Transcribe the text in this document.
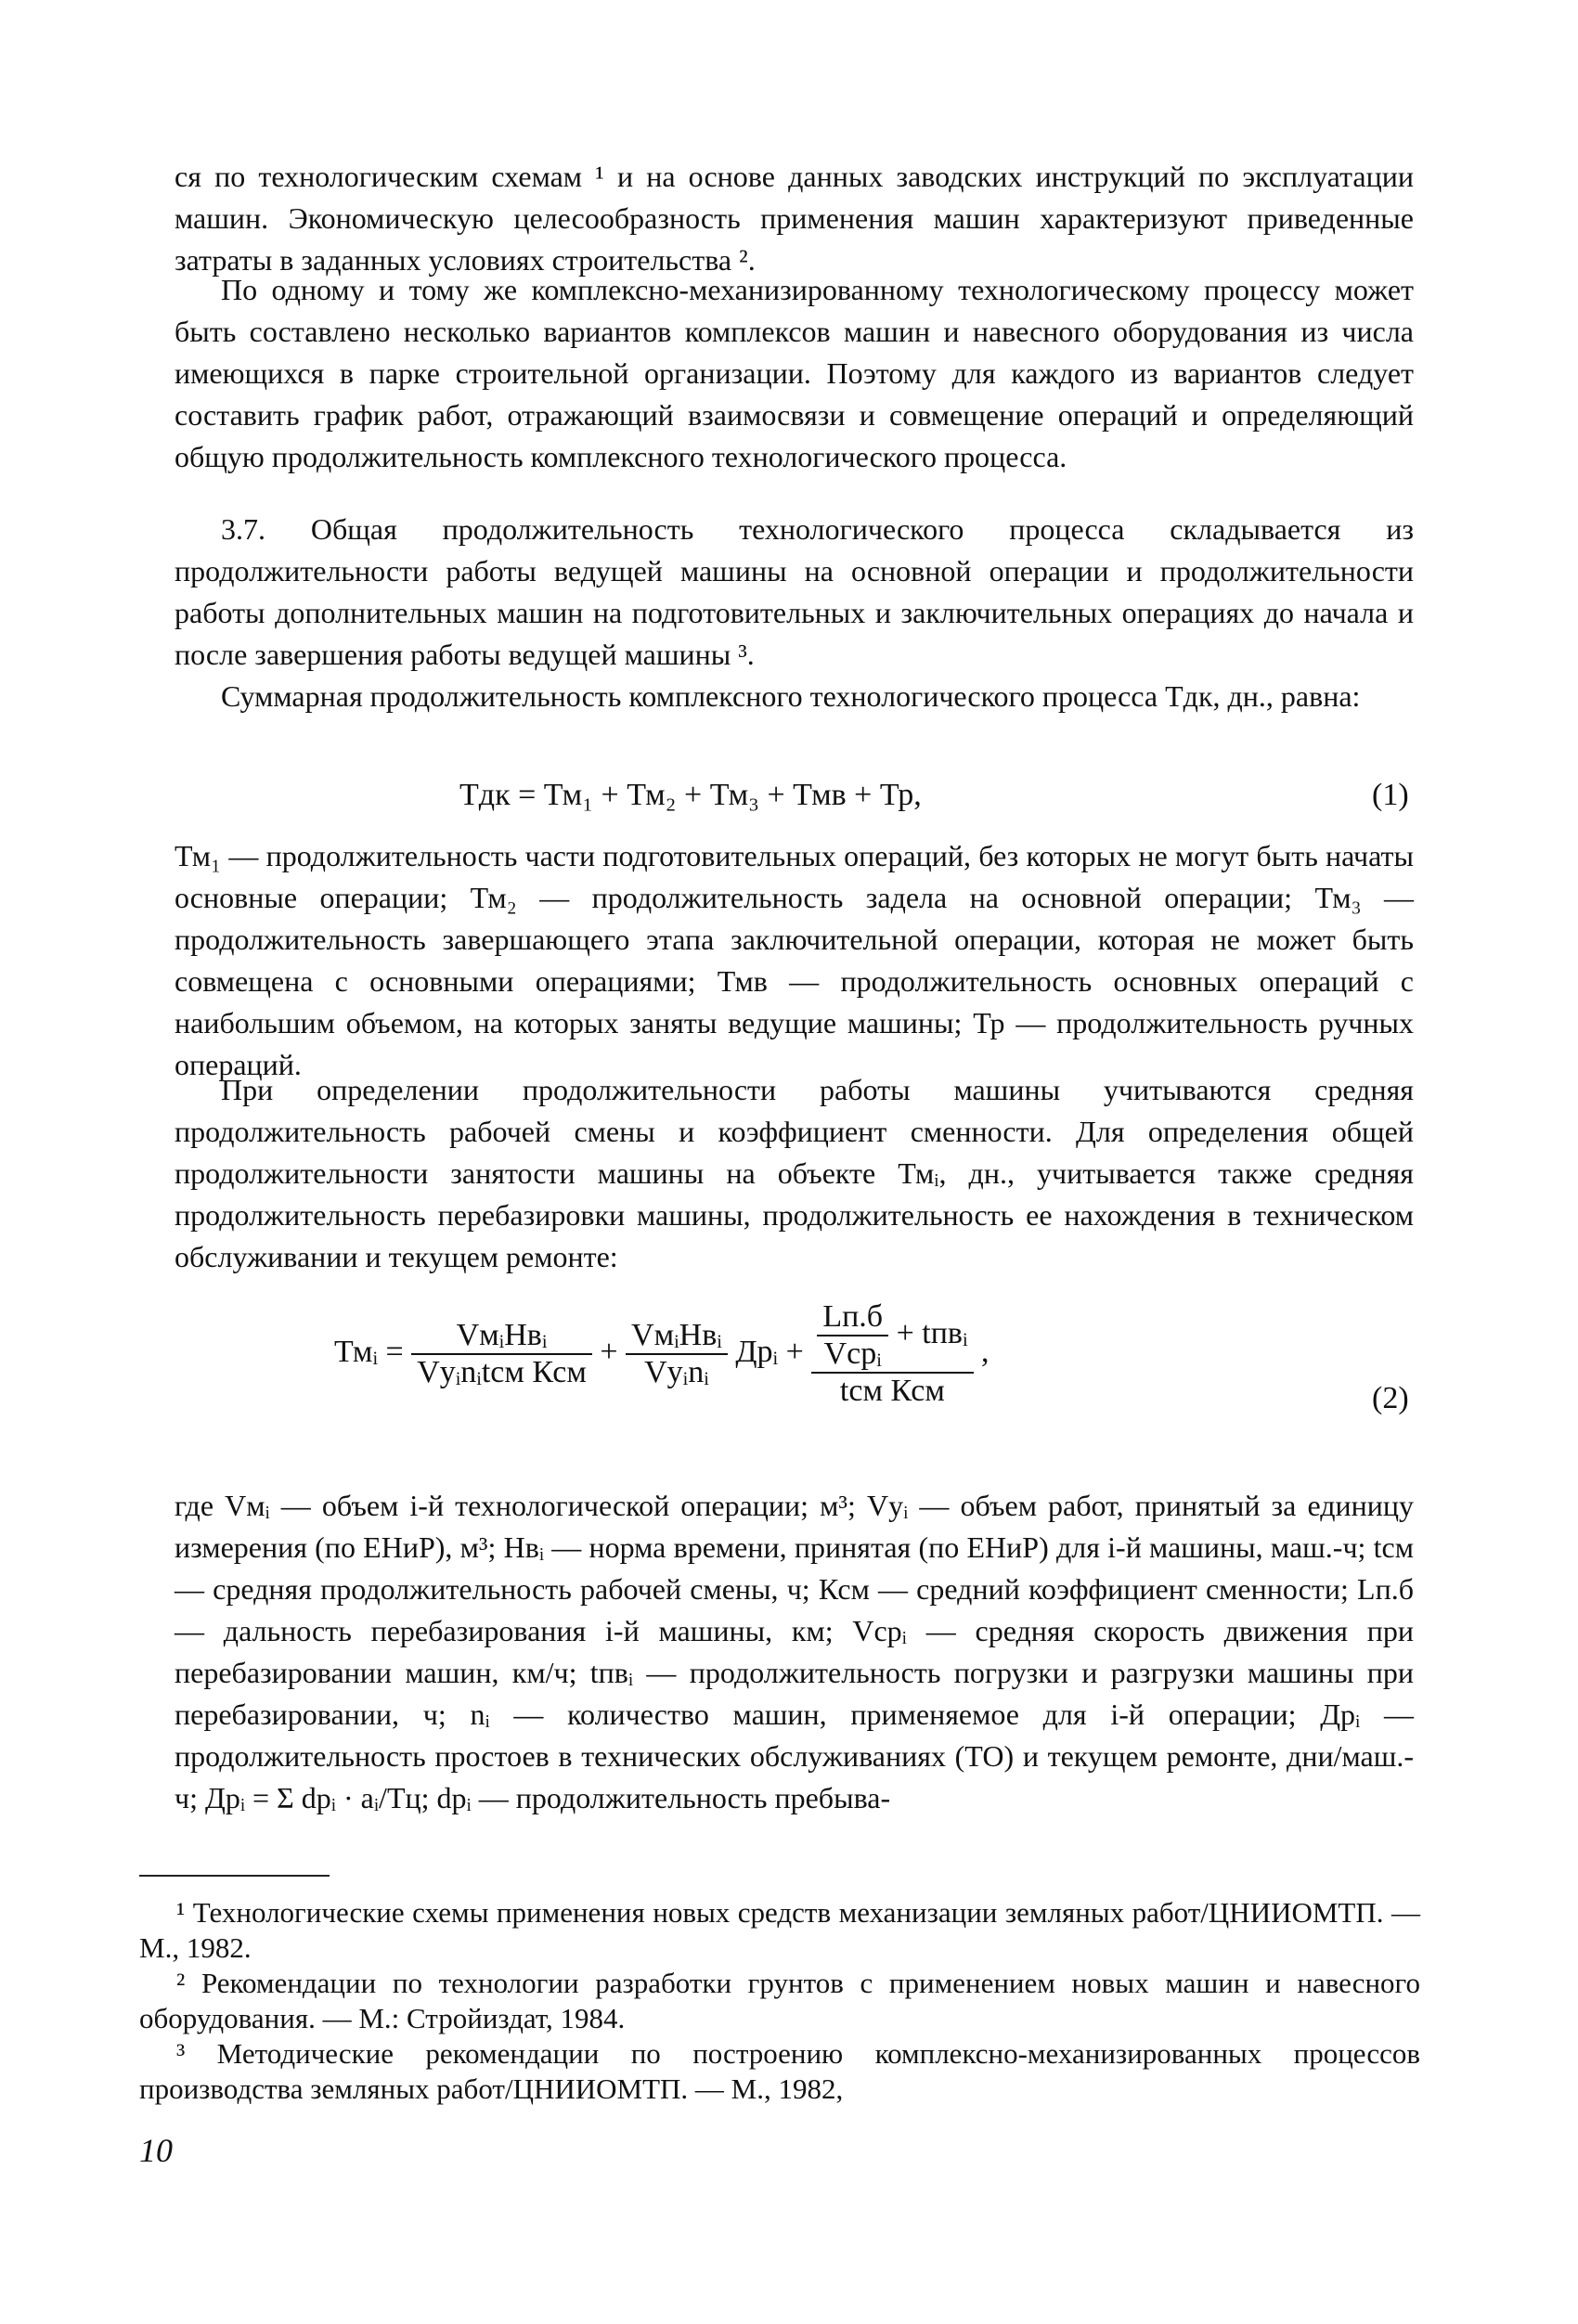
ся по технологическим схемам ¹ и на основе данных заводских инструкций по эксплуатации машин. Экономическую целесообразность применения машин характеризуют приведенные затраты в заданных условиях строительства ².

По одному и тому же комплексно-механизированному технологическому процессу может быть составлено несколько вариантов комплексов машин и навесного оборудования из числа имеющихся в парке строительной организации. Поэтому для каждого из вариантов следует составить график работ, отражающий взаимосвязи и совмещение операций и определяющий общую продолжительность комплексного технологического процесса.

3.7. Общая продолжительность технологического процесса складывается из продолжительности работы ведущей машины на основной операции и продолжительности работы дополнительных машин на подготовительных и заключительных операциях до начала и после завершения работы ведущей машины ³.

Суммарная продолжительность комплексного технологического процесса Тдк, дн., равна:

Тдк = Тм₁ + Тм₂ + Тм₃ + Тмв + Тр,	(1)

Тм₁ — продолжительность части подготовительных операций, без которых не могут быть начаты основные операции; Тм₂ — продолжительность задела на основной операции; Тм₃ — продолжительность завершающего этапа заключительной операции, которая не может быть совмещена с основными операциями; Тмв — продолжительность основных операций с наибольшим объемом, на которых заняты ведущие машины; Тр — продолжительность ручных операций.

При определении продолжительности работы машины учитываются средняя продолжительность рабочей смены и коэффициент сменности. Для определения общей продолжительности занятости машины на объекте Тмᵢ, дн., учитывается также средняя продолжительность перебазировки машины, продолжительность ее нахождения в техническом обслуживании и текущем ремонте:

Тмᵢ = $\frac{\text{VмᵢНвᵢ}}{\text{Vуᵢnᵢtсм Ксм}} + \frac{\text{VмᵢНвᵢ}}{\text{Vуᵢnᵢ}}$ Дрᵢ + $\frac{\frac{Lп.б}{\text{Vсрᵢ}} + tпвᵢ}{\text{tсм Ксм}}$ ,
(2)

где Vмᵢ — объем i-й технологической операции; м³; Vуᵢ — объем работ, принятый за единицу измерения (по ЕНиР), м³; Нвᵢ — норма времени, принятая (по ЕНиР) для i-й машины, маш.-ч; tсм — средняя продолжительность рабочей смены, ч; Ксм — средний коэффициент сменности; Lп.б — дальность перебазирования i-й машины, км; Vсрᵢ — средняя скорость движения при перебазировании машин, км/ч; tпвᵢ — продолжительность погрузки и разгрузки машины при перебазировании, ч; nᵢ — количество машин, применяемое для i-й операции; Дрᵢ — продолжительность простоев в технических обслуживаниях (ТО) и текущем ремонте, дни/маш.-ч; Дрᵢ = Σ dрᵢ · aᵢ/Тц; dрᵢ — продолжительность пребыва-

¹ Технологические схемы применения новых средств механизации земляных работ/ЦНИИОМТП. — М., 1982.

² Рекомендации по технологии разработки грунтов с применением новых машин и навесного оборудования. — М.: Стройиздат, 1984.

³ Методические рекомендации по построению комплексно-механизированных процессов производства земляных работ/ЦНИИОМТП. — М., 1982,

10
